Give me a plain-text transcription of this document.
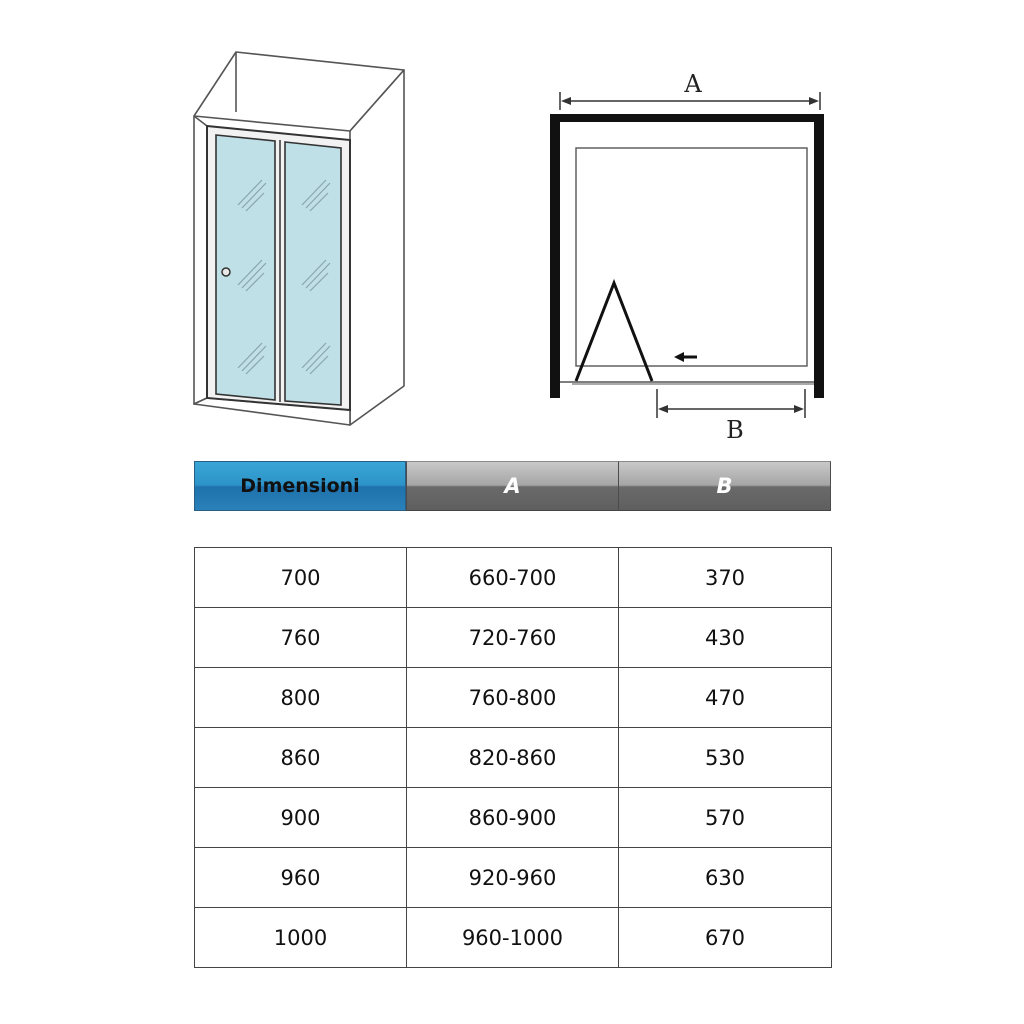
A
B
Dimensioni	A	B
700	660-700	370
760	720-760	430
800	760-800	470
860	820-860	530
900	860-900	570
960	920-960	630
1000	960-1000	670
